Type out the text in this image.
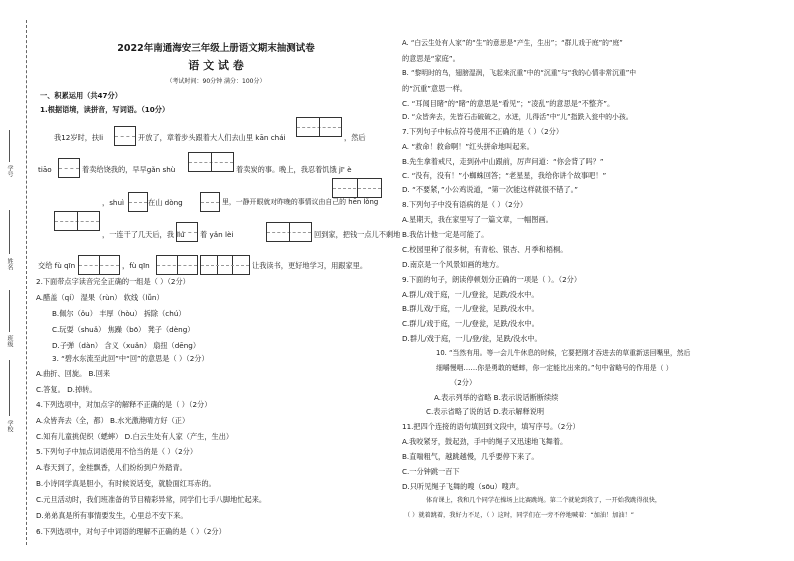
学号
姓名
班级
学校
2022年南通海安三年级上册语文期末抽测试卷
语 文 试 卷
（考试时间：90分钟 满分：100分）
一、积累运用（共47分）
1.根据语境，读拼音，写词语。（10分）
我12岁时，扶li	开放了，章着步头跟着大人们去山里 kān chái	，然后
tiāo	着卖给饶我的，早早gǎn shù	着卖炭的事。晚上，我忍着饥饿 jī' è
，shuì	在山 dòng	里，一静开眼就对昨晚的事情议由自己的 hēn lǒng
，一连干了几天后，我 liú 着 yǎn lèi	回到家，把钱一点儿不剩地
交给 fù qīn	，fù qīn	让我读书，更好地学习，用跟家里。
2.下面带点字读音完全正确的一组是（ ）（2分）
A.醋盖（qí） 湿果（rùn） 软线（lǚn）
B.佩尔（ǒu） 丰厚（hòu） 拆除（chú）
C.玩耍（shuǎ） 焦躁（bō） 凳子（dèng）
D.子弹（dàn） 含义（xuǎn） 扇扭（dēng）
3. “碧水东流至此回”中“回”的意思是（ ）（2分）
A.曲折、回旋。 B.回来
C.答复。 D.掉转。
4.下列选项中，对加点字的解释不正确的是（ ）（2分）
A.众皆奔去（全，都） B.水光激滟晴方好（正）
C.知有儿童挑促织（蟋蟀） D.白云生处有人家（产生，生出）
5.下列句子中加点词语使用不恰当的是（ ）（2分）
A.春天到了，金桂飘香，人们纷纷到户外踏青。
B.小诗同学真是胆小，有时候说话变，就脸面红耳赤的。
C.元旦活动时，我们班准备的节目精彩异常，同学们七手八脚地忙起来。
D.弟弟真是所有事情要发生，心里总不安下来。
6.下列选项中，对句子中词语的理解不正确的是（ ）（2分）
A. “白云生处有人家”的“生”的意思是“产生，生出”；“群儿戏于庭”的“庭”
的意思是“家庭”。
B. “黎明时的鸟，翅膀湿润，飞起来沉重”中的“沉重”与“我的心情非常沉重”中
的“沉重”意思一样。
C. “耳闻目睹”的“睹”的意思是“看见”；“凌乱”的意思是“不整齐”。
D. “众皆奔去，先皆石击破破之，水迸，儿得活”中“儿”指跌入瓮中的小孩。
7.下列句子中标点符号使用不正确的是（ ）（2分）
A. “救命！救命啊！”红头拼命地叫起来。
B.先生拿着戒尺，走到孙中山跟前，厉声问道：“你会背了吗？”
C. “没有，没有！”小蜘蛛回答；“老星星，我给你讲个故事吧！”
D. “不要紧，”小公鸡说道，“第一次能这样就很不错了。”
8.下列句子中没有语病的是（ ）（2分）
A.星期天，我在家里写了一篇文章，一幅图画。
B.我估计他一定是可能了。
C.校园里种了很多树，有青松、银杏、月季和梧桐。
D.南京是一个风景如画的地方。
9.下面的句子，朗读停顿划分正确的一项是（ ）。（2分）
A.群儿/戏于庭，一儿/登瓮，足跌/没水中。
B.群儿戏/于庭，一儿/登瓮，足跌/没水中。
C.群儿/戏于庭，一儿/登瓮，足跌/没水中。
D.群儿/戏于庭，一儿/登/瓮，足跌/没水中。
10. “当然有用。等一会儿牛休息的时候，它要把刚才吞进去的草重新送回嘴里，然后
细嚼慢咽……你是勇敢的蟋蟀，你一定能比出来的。”句中省略号的作用是（ ）
（2分）
A.表示列举的省略 B.表示说话断断续续
C.表示省略了说的话 D.表示解释说明
11.把四个连接的语句填回到文段中，填写序号。（2分）
A.我咬紧牙，鼓起劲，手中的绳子又迅速地飞舞着。
B.直喘粗气，越跳越慢，几乎要停下来了。
C.一分钟跳一百下
D.只听见绳子飞舞的嗖（sōu）嗖声。
体育课上，我和几个同学在操场上比赛跳绳。第二个就轮到我了，一开始我跳得很快，
（ ）就着跳着，我好力不足，（ ）这时，同学们在一旁不停地喊着：“加油！加油！”
